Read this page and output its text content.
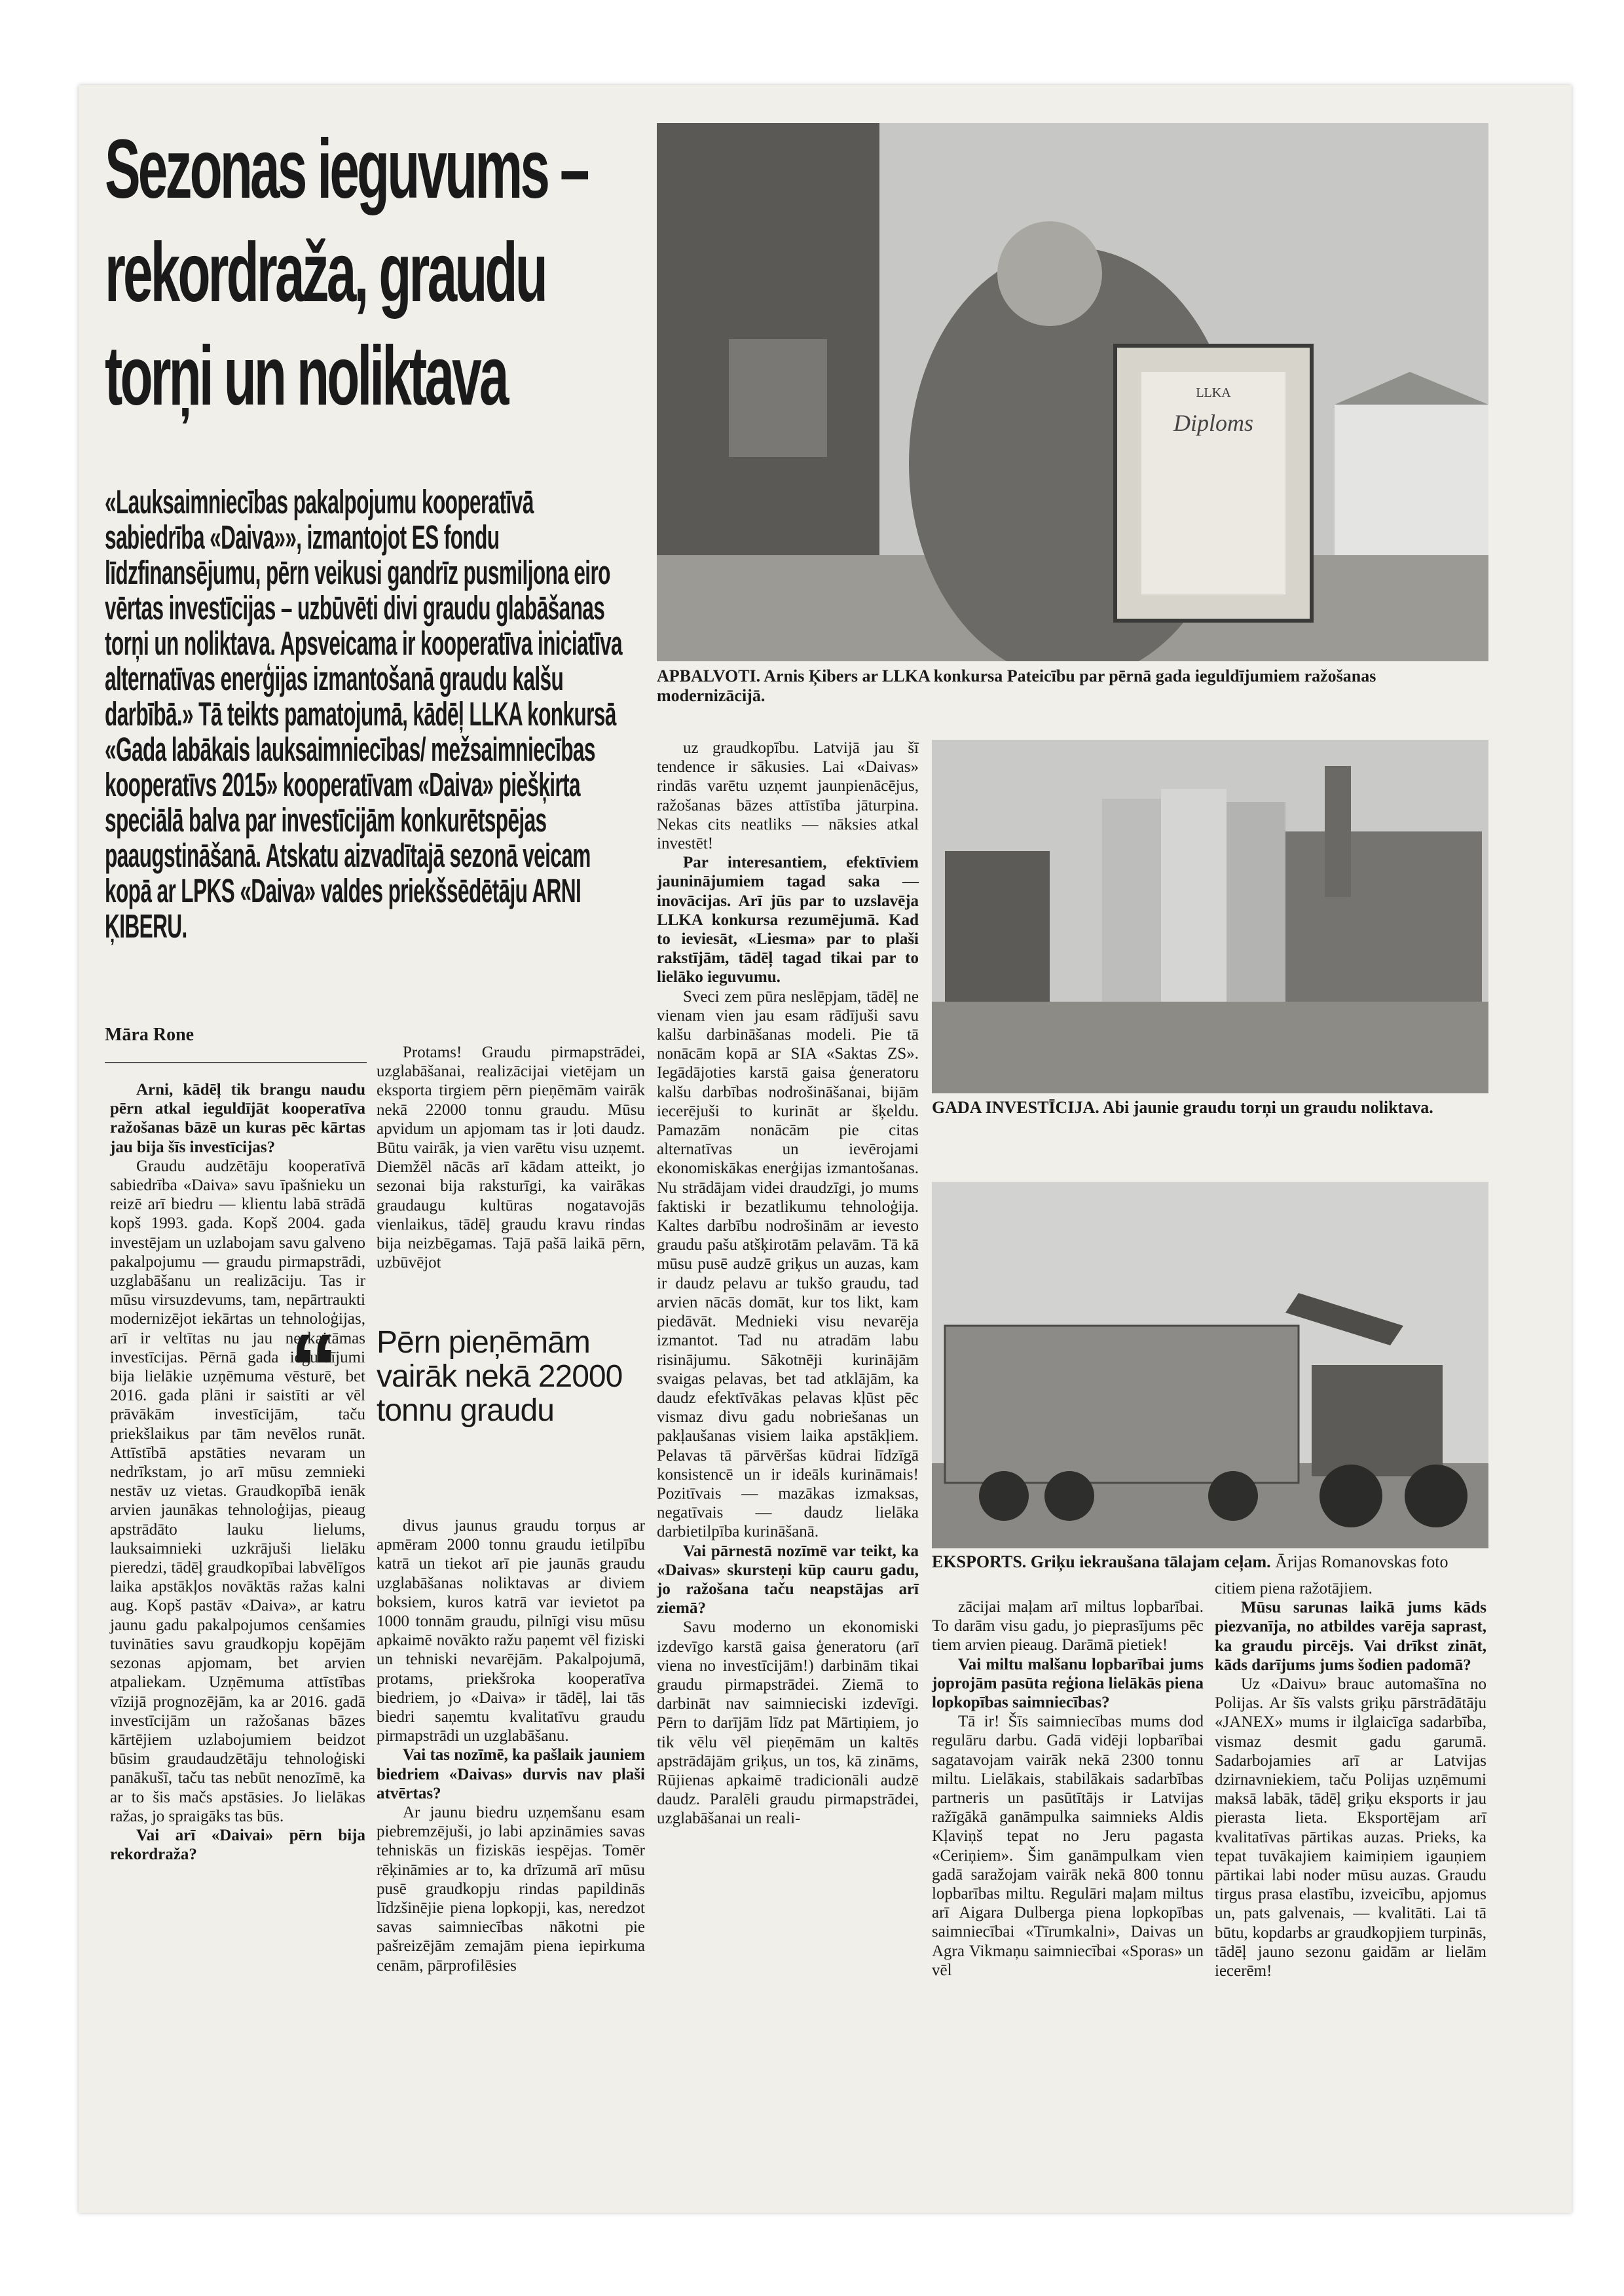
Sezonas ieguvums – rekordraža, graudu torņi un noliktava

«Lauksaimniecības pakalpojumu kooperatīvā sabiedrība «Daiva»», izmantojot ES fondu līdzfinansējumu, pērn veikusi gandrīz pusmiljona eiro vērtas investīcijas – uzbūvēti divi graudu glabāšanas torņi un noliktava. Apsveicama ir kooperatīva iniciatīva alternatīvas enerģijas izmantošanā graudu kalšu darbībā.» Tā teikts pamatojumā, kādēļ LLKA konkursā «Gada labākais lauksaimniecības/ mežsaimniecības kooperatīvs 2015» kooperatīvam «Daiva» piešķirta speciālā balva par investīcijām konkurētspējas paaugstināšanā. Atskatu aizvadītajā sezonā veicam kopā ar LPKS «Daiva» valdes priekšsēdētāju ARNI ĶIBERU.

LLKA
Diploms
APBALVOTI. Arnis Ķibers ar LLKA konkursa Pateicību par pērnā gada ieguldījumiem ražošanas modernizācijā.
GADA INVESTĪCIJA. Abi jaunie graudu torņi un graudu noliktava.
EKSPORTS. Griķu iekraušana tālajam ceļam. Ārijas Romanovskas foto
Māra Rone
“ Pērn pieņēmām vairāk nekā 22000 tonnu graudu

Arni, kādēļ tik brangu naudu pērn atkal ieguldījāt kooperatīva ražošanas bāzē un kuras pēc kārtas jau bija šīs investīcijas?

Graudu audzētāju kooperatīvā sabiedrība «Daiva» savu īpašnieku un reizē arī biedru — klientu labā strādā kopš 1993. gada. Kopš 2004. gada investējam un uzlabojam savu galveno pakalpojumu — graudu pirmapstrādi, uzglabāšanu un realizāciju. Tas ir mūsu virsuzdevums, tam, nepārtraukti modernizējot iekārtas un tehnoloģijas, arī ir veltītas nu jau neskaitāmas investīcijas. Pērnā gada ieguldījumi bija lielākie uzņēmuma vēsturē, bet 2016. gada plāni ir saistīti ar vēl prāvākām investīcijām, taču priekšlaikus par tām nevēlos runāt. Attīstībā apstāties nevaram un nedrīkstam, jo arī mūsu zemnieki nestāv uz vietas. Graudkopībā ienāk arvien jaunākas tehnoloģijas, pieaug apstrādāto lauku lielums, lauksaimnieki uzkrājuši lielāku pieredzi, tādēļ graudkopībai labvēlīgos laika apstākļos novāktās ražas kalni aug. Kopš pastāv «Daiva», ar katru jaunu gadu pakalpojumos cenšamies tuvināties savu graudkopju kopējām sezonas apjomam, bet arvien atpaliekam. Uzņēmuma attīstības vīzijā prognozējām, ka ar 2016. gadā investīcijām un ražošanas bāzes kārtējiem uzlabojumiem beidzot būsim graudaudzētāju tehnoloģiski panākušī, taču tas nebūt nenozīmē, ka ar to šis mačs apstāsies. Jo lielākas ražas, jo spraigāks tas būs.

Vai arī «Daivai» pērn bija rekordraža?

Protams! Graudu pirmapstrādei, uzglabāšanai, realizācijai vietējam un eksporta tirgiem pērn pieņēmām vairāk nekā 22000 tonnu graudu. Mūsu apvidum un apjomam tas ir ļoti daudz. Būtu vairāk, ja vien varētu visu uzņemt. Diemžēl nācās arī kādam atteikt, jo sezonai bija raksturīgi, ka vairākas graudaugu kultūras nogatavojās vienlaikus, tādēļ graudu kravu rindas bija neizbēgamas. Tajā pašā laikā pērn, uzbūvējot

divus jaunus graudu torņus ar apmēram 2000 tonnu graudu ietilpību katrā un tiekot arī pie jaunās graudu uzglabāšanas noliktavas ar diviem boksiem, kuros katrā var ievietot pa 1000 tonnām graudu, pilnīgi visu mūsu apkaimē novākto ražu paņemt vēl fiziski un tehniski nevarējām. Pakalpojumā, protams, priekšroka kooperatīva biedriem, jo «Daiva» ir tādēļ, lai tās biedri saņemtu kvalitatīvu graudu pirmapstrādi un uzglabāšanu.

Vai tas nozīmē, ka pašlaik jauniem biedriem «Daivas» durvis nav plaši atvērtas?

Ar jaunu biedru uzņemšanu esam piebremzējuši, jo labi apzināmies savas tehniskās un fiziskās iespējas. Tomēr rēķināmies ar to, ka drīzumā arī mūsu pusē graudkopju rindas papildinās līdzšinējie piena lopkopji, kas, neredzot savas saimniecības nākotni pie pašreizējām zemajām piena iepirkuma cenām, pārprofilēsies

uz graudkopību. Latvijā jau šī tendence ir sākusies. Lai «Daivas» rindās varētu uzņemt jaunpienācējus, ražošanas bāzes attīstība jāturpina. Nekas cits neatliks — nāksies atkal investēt!

Par interesantiem, efektīviem jauninājumiem tagad saka — inovācijas. Arī jūs par to uzslavēja LLKA konkursa rezumējumā. Kad to ieviesāt, «Liesma» par to plaši rakstījām, tādēļ tagad tikai par to lielāko ieguvumu.

Sveci zem pūra neslēpjam, tādēļ ne vienam vien jau esam rādījuši savu kalšu darbināšanas modeli. Pie tā nonācām kopā ar SIA «Saktas ZS». Iegādājoties karstā gaisa ģeneratoru kalšu darbības nodrošināšanai, bijām iecerējuši to kurināt ar šķeldu. Pamazām nonācām pie citas alternatīvas un ievērojami ekonomiskākas enerģijas izmantošanas. Nu strādājam videi draudzīgi, jo mums faktiski ir bezatlikumu tehnoloģija. Kaltes darbību nodrošinām ar ievesto graudu pašu atšķirotām pelavām. Tā kā mūsu pusē audzē griķus un auzas, kam ir daudz pelavu ar tukšo graudu, tad arvien nācās domāt, kur tos likt, kam piedāvāt. Mednieki visu nevarēja izmantot. Tad nu atradām labu risinājumu. Sākotnēji kurinājām svaigas pelavas, bet tad atklājām, ka daudz efektīvākas pelavas kļūst pēc vismaz divu gadu nobriešanas un pakļaušanas visiem laika apstākļiem. Pelavas tā pārvēršas kūdrai līdzīgā konsistencē un ir ideāls kurināmais! Pozitīvais — mazākas izmaksas, negatīvais — daudz lielāka darbietilpība kurināšanā.

Vai pārnestā nozīmē var teikt, ka «Daivas» skursteņi kūp cauru gadu, jo ražošana taču neapstājas arī ziemā?

Savu moderno un ekonomiski izdevīgo karstā gaisa ģeneratoru (arī viena no investīcijām!) darbinām tikai graudu pirmapstrādei. Ziemā to darbināt nav saimnieciski izdevīgi. Pērn to darījām līdz pat Mārtiņiem, jo tik vēlu vēl pieņēmām un kaltēs apstrādājām griķus, un tos, kā zināms, Rūjienas apkaimē tradicionāli audzē daudz. Paralēli graudu pirmapstrādei, uzglabāšanai un reali-

zācijai maļam arī miltus lopbarībai. To darām visu gadu, jo pieprasījums pēc tiem arvien pieaug. Darāmā pietiek!

Vai miltu malšanu lopbarībai jums joprojām pasūta reģiona lielākās piena lopkopības saimniecības?

Tā ir! Šīs saimniecības mums dod regulāru darbu. Gadā vidēji lopbarībai sagatavojam vairāk nekā 2300 tonnu miltu. Lielākais, stabilākais sadarbības partneris un pasūtītājs ir Latvijas ražīgākā ganāmpulka saimnieks Aldis Kļaviņš tepat no Jeru pagasta «Ceriņiem». Šim ganāmpulkam vien gadā saražojam vairāk nekā 800 tonnu lopbarības miltu. Regulāri maļam miltus arī Aigara Dulberga piena lopkopības saimniecībai «Tīrumkalni», Daivas un Agra Vikmaņu saimniecībai «Sporas» un vēl

citiem piena ražotājiem.

Mūsu sarunas laikā jums kāds piezvanīja, no atbildes varēja saprast, ka graudu pircējs. Vai drīkst zināt, kāds darījums jums šodien padomā?

Uz «Daivu» brauc automašīna no Polijas. Ar šīs valsts griķu pārstrādātāju «JANEX» mums ir ilglaicīga sadarbība, vismaz desmit gadu garumā. Sadarbojamies arī ar Latvijas dzirnavniekiem, taču Polijas uzņēmumi maksā labāk, tādēļ griķu eksports ir jau pierasta lieta. Eksportējam arī kvalitatīvas pārtikas auzas. Prieks, ka tepat tuvākajiem kaimiņiem igauņiem pārtikai labi noder mūsu auzas. Graudu tirgus prasa elastību, izveicību, apjomus un, pats galvenais, — kvalitāti. Lai tā būtu, kopdarbs ar graudkopjiem turpinās, tādēļ jauno sezonu gaidām ar lielām iecerēm!
